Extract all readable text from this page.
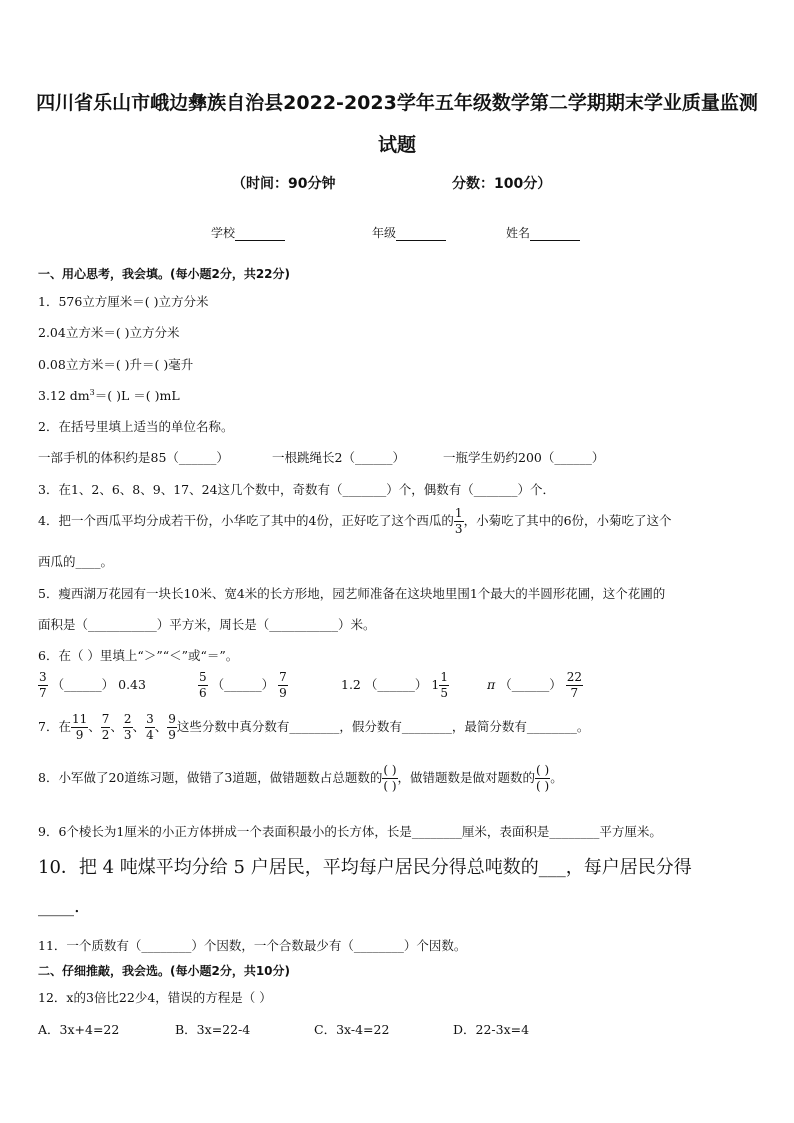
四川省乐山市峨边彝族自治县2022-2023学年五年级数学第二学期期末学业质量监测
试题
（时间：90分钟	分数：100分）
学校	年级	姓名
一、用心思考，我会填。(每小题2分，共22分)
1．576立方厘米＝( )立方分米
2.04立方米＝( )立方分米
0.08立方米＝( )升＝( )毫升
3.12 $dm^3=$( )L ＝( )mL
2．在括号里填上适当的单位名称。
一部手机的体积约是85（______）	一根跳绳长2（______）	一瓶学生奶约200（______）
3．在1、2、6、8、9、17、24这几个数中，奇数有（_______）个，偶数有（_______）个．
4．把一个西瓜平均分成若干份，小华吃了其中的4份，正好吃了这个西瓜的 $\frac{1}{3}$ ，小菊吃了其中的6份，小菊吃了这个
西瓜的____。
5．瘦西湖万花园有一块长10米、宽4米的长方形地，园艺师准备在这块地里围1个最大的半圆形花圃，这个花圃的
面积是（___________）平方米，周长是（___________）米。
6．在（ ）里填上“＞”“＜”或“＝”。
$\frac{3}{7}$ （______） 0.43	$\frac{5}{6}$ （______） $\frac{7}{9}$	1.2 （______） $1 \frac{1}{5}$	π （______） $\frac{22}{7}$
7．在 $\frac{11}{9}$ 、 $\frac{7}{2}$ 、 $\frac{2}{3}$ 、 $\frac{3}{4}$ 、 $\frac{9}{9}$ 这些分数中真分数有________，假分数有________，最简分数有________。
8．小军做了20道练习题，做错了3道题，做错题数占总题数的 $\frac{( )}{( )}$ ，做错题数是做对题数的 $\frac{( )}{( )}$ 。
9．6个棱长为1厘米的小正方体拼成一个表面积最小的长方体，长是________厘米，表面积是________平方厘米。
10．把 4 吨煤平均分给 5 户居民，平均每户居民分得总吨数的___，每户居民分得
____.
11．一个质数有（________）个因数，一个合数最少有（________）个因数。
二、仔细推敲，我会选。(每小题2分，共10分)
12．x的3倍比22少4，错误的方程是（ ）
A．3x+4=22	B．3x=22-4	C．3x-4=22	D．22-3x=4
